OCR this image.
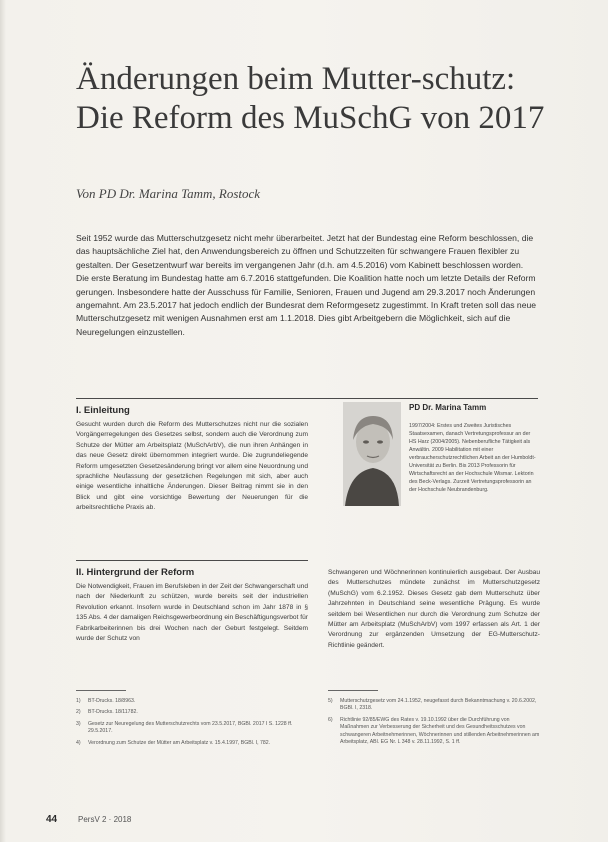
Änderungen beim Mutter-schutz: Die Reform des MuSchG von 2017
Von PD Dr. Marina Tamm, Rostock

Seit 1952 wurde das Mutterschutzgesetz nicht mehr überarbeitet. Jetzt hat der Bundestag eine Reform beschlossen, die das hauptsächliche Ziel hat, den Anwendungsbereich zu öffnen und Schutzzeiten für schwangere Frauen flexibler zu gestalten. Der Gesetzentwurf war bereits im vergangenen Jahr (d.h. am 4.5.2016) vom Kabinett beschlossen worden. Die erste Beratung im Bundestag hatte am 6.7.2016 stattgefunden. Die Koalition hatte noch um letzte Details der Reform gerungen. Insbesondere hatte der Ausschuss für Familie, Senioren, Frauen und Jugend am 29.3.2017 noch Änderungen angemahnt. Am 23.5.2017 hat jedoch endlich der Bundesrat dem Reformgesetz zugestimmt. In Kraft treten soll das neue Mutterschutzgesetz mit wenigen Ausnahmen erst am 1.1.2018. Dies gibt Arbeitgebern die Möglichkeit, sich auf die Neuregelungen einzustellen.

I. Einleitung

Gesucht wurden durch die Reform des Mutterschutzes nicht nur die sozialen Vorgängerregelungen des Gesetzes selbst, sondern auch die Verordnung zum Schutze der Mütter am Arbeitsplatz (MuSchArbV), die nun ihren Anhängen in das neue Gesetz direkt übernommen integriert wurde. Die zugrundeliegende Reform umgesetzten Gesetzesänderung bringt vor allem eine Neuordnung und sprachliche Neufassung der gesetzlichen Regelungen mit sich, aber auch einige wesentliche inhaltliche Änderungen. Dieser Beitrag nimmt sie in den Blick und gibt eine vorsichtige Bewertung der Neuerungen für die arbeitsrechtliche Praxis ab.

PD Dr. Marina Tamm

1997/2004: Erstes und Zweites Juristisches Staatsexamen, danach Vertretungsprofessur an der HS Harz (2004/2005). Nebenberufliche Tätigkeit als Anwältin. 2009 Habilitation mit einer verbraucherschutzrechtlichen Arbeit an der Humboldt-Universität zu Berlin. Bis 2013 Professorin für Wirtschaftsrecht an der Hochschule Wismar. Lektorin des Beck-Verlags. Zurzeit Vertretungsprofessorin an der Hochschule Neubrandenburg.

II. Hintergrund der Reform

Die Notwendigkeit, Frauen im Berufsleben in der Zeit der Schwangerschaft und nach der Niederkunft zu schützen, wurde bereits seit der industriellen Revolution erkannt. Insofern wurde in Deutschland schon im Jahr 1878 in § 135 Abs. 4 der damaligen Reichsgewerbeordnung ein Beschäftigungsverbot für Fabrikarbeiterinnen bis drei Wochen nach der Geburt festgelegt. Seitdem wurde der Schutz von

Schwangeren und Wöchnerinnen kontinuierlich ausgebaut. Der Ausbau des Mutterschutzes mündete zunächst im Mutterschutzgesetz (MuSchG) vom 6.2.1952. Dieses Gesetz gab dem Mutterschutz über Jahrzehnten in Deutschland seine wesentliche Prägung. Es wurde seitdem bei Wesentlichen nur durch die Verordnung zum Schutze der Mütter am Arbeitsplatz (MuSchArbV) vom 1997 erfassen als Art. 1 der Verordnung zur ergänzenden Umsetzung der EG-Mutterschutz-Richtlinie geändert.

1)	BT-Drucks. 18/8963.
2)	BT-Drucks. 18/11782.
3)	Gesetz zur Neuregelung des Mutterschutzrechts vom 23.5.2017, BGBl. 2017 I S. 1228 ff. 29.5.2017.
4)	Verordnung zum Schutze der Mütter am Arbeitsplatz v. 15.4.1997, BGBl. I, 782.
5)	Mutterschutzgesetz vom 24.1.1952, neugefasst durch Bekanntmachung v. 20.6.2002, BGBl. I, 2318.
6)	Richtlinie 92/85/EWG des Rates v. 19.10.1992 über die Durchführung von Maßnahmen zur Verbesserung der Sicherheit und des Gesundheitsschutzes von schwangeren Arbeitnehmerinnen, Wöchnerinnen und stillenden Arbeitnehmerinnen am Arbeitsplatz, ABl. EG Nr. L 348 v. 28.11.1992, S. 1 ff.
44	PersV 2 · 2018
